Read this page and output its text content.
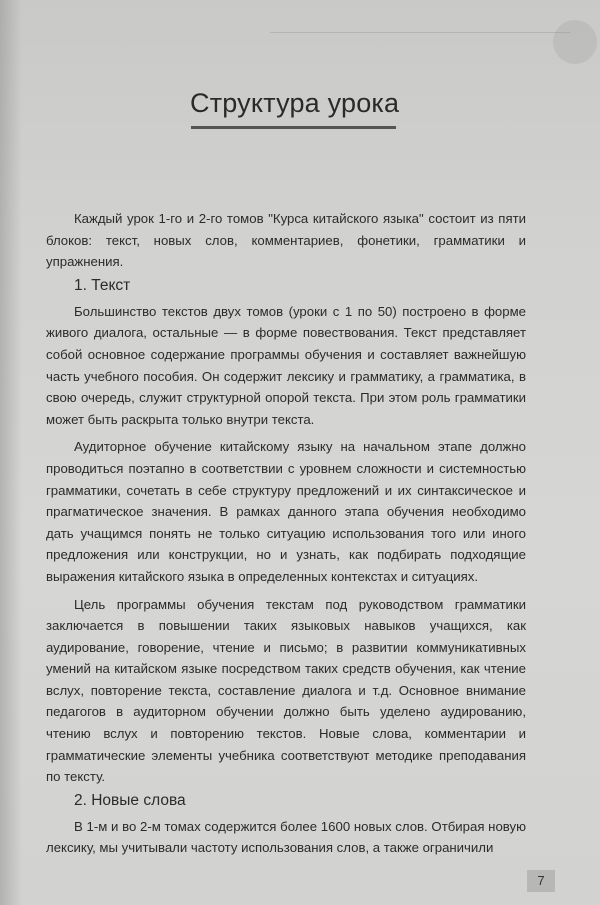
Структура урока

Каждый урок 1-го и 2-го томов "Курса китайского языка" состоит из пяти блоков: текст, новых слов, комментариев, фонетики, грамматики и упражнения.

1. Текст

Большинство текстов двух томов (уроки с 1 по 50) построено в форме живого диалога, остальные — в форме повествования. Текст представляет собой основное содержание программы обучения и составляет важнейшую часть учебного пособия. Он содержит лексику и грамматику, а грамматика, в свою очередь, служит структурной опорой текста. При этом роль грамматики может быть раскрыта только внутри текста.

Аудиторное обучение китайскому языку на начальном этапе должно проводиться поэтапно в соответствии с уровнем сложности и системностью грамматики, сочетать в себе структуру предложений и их синтаксическое и прагматическое значения. В рамках данного этапа обучения необходимо дать учащимся понять не только ситуацию использования того или иного предложения или конструкции, но и узнать, как подбирать подходящие выражения китайского языка в определенных контекстах и ситуациях.

Цель программы обучения текстам под руководством грамматики заключается в повышении таких языковых навыков учащихся, как аудирование, говорение, чтение и письмо; в развитии коммуникативных умений на китайском языке посредством таких средств обучения, как чтение вслух, повторение текста, составление диалога и т.д. Основное внимание педагогов в аудиторном обучении должно быть уделено аудированию, чтению вслух и повторению текстов. Новые слова, комментарии и грамматические элементы учебника соответствуют методике преподавания по тексту.

2. Новые слова

В 1-м и во 2-м томах содержится более 1600 новых слов. Отбирая новую лексику, мы учитывали частоту использования слов, а также ограничили

7
